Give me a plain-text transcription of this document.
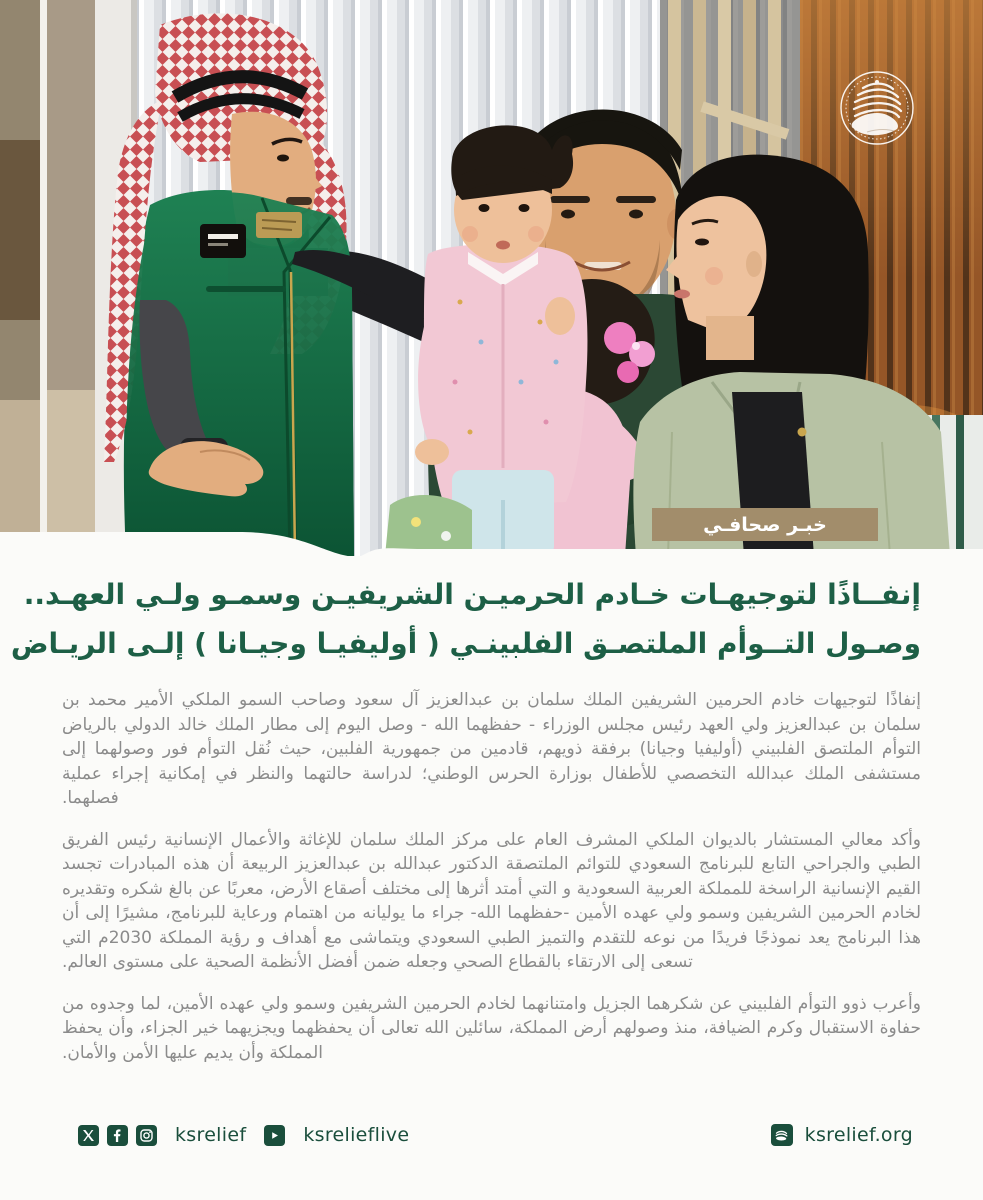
خبـر صحافـي
إنفــاذًا لتوجيهـات خـادم الحرميـن الشريفيـن وسمـو ولـي العهـد..
وصـول التــوأم الملتصـق الفلبينـي ( أوليفيـا وجيـانا ) إلـى الريـاض

إنفاذًا لتوجيهات خادم الحرمين الشريفين الملك سلمان بن عبدالعزيز آل سعود وصاحب السمو الملكي الأمير محمد بن سلمان بن عبدالعزيز ولي العهد رئيس مجلس الوزراء - حفظهما الله - وصل اليوم إلى مطار الملك خالد الدولي بالرياض التوأم الملتصق الفلبيني (أوليفيا وجيانا) برفقة ذويهم، قادمين من جمهورية الفلبين، حيث نُقل التوأم فور وصولهما إلى مستشفى الملك عبدالله التخصصي للأطفال بوزارة الحرس الوطني؛ لدراسة حالتهما والنظر في إمكانية إجراء عملية فصلهما.

وأكد معالي المستشار بالديوان الملكي المشرف العام على مركز الملك سلمان للإغاثة والأعمال الإنسانية رئيس الفريق الطبي والجراحي التابع للبرنامج السعودي للتوائم الملتصقة الدكتور عبدالله بن عبدالعزيز الربيعة أن هذه المبادرات تجسد القيم الإنسانية الراسخة للمملكة العربية السعودية و التي أمتد أثرها إلى مختلف أصقاع الأرض، معربًا عن بالغ شكره وتقديره لخادم الحرمين الشريفين وسمو ولي عهده الأمين -حفظهما الله- جراء ما يوليانه من اهتمام ورعاية للبرنامج، مشيرًا إلى أن هذا البرنامج يعد نموذجًا فريدًا من نوعه للتقدم والتميز الطبي السعودي ويتماشى مع أهداف و رؤية المملكة 2030م التي تسعى إلى الارتقاء بالقطاع الصحي وجعله ضمن أفضل الأنظمة الصحية على مستوى العالم.

وأعرب ذوو التوأم الفلبيني عن شكرهما الجزيل وامتنانهما لخادم الحرمين الشريفين وسمو ولي عهده الأمين، لما وجدوه من حفاوة الاستقبال وكرم الضيافة، منذ وصولهم أرض المملكة، سائلين الله تعالى أن يحفظهما ويجزيهما خير الجزاء، وأن يحفظ المملكة وأن يديم عليها الأمن والأمان.

ksrelief	ksrelieflive	ksrelief.org
